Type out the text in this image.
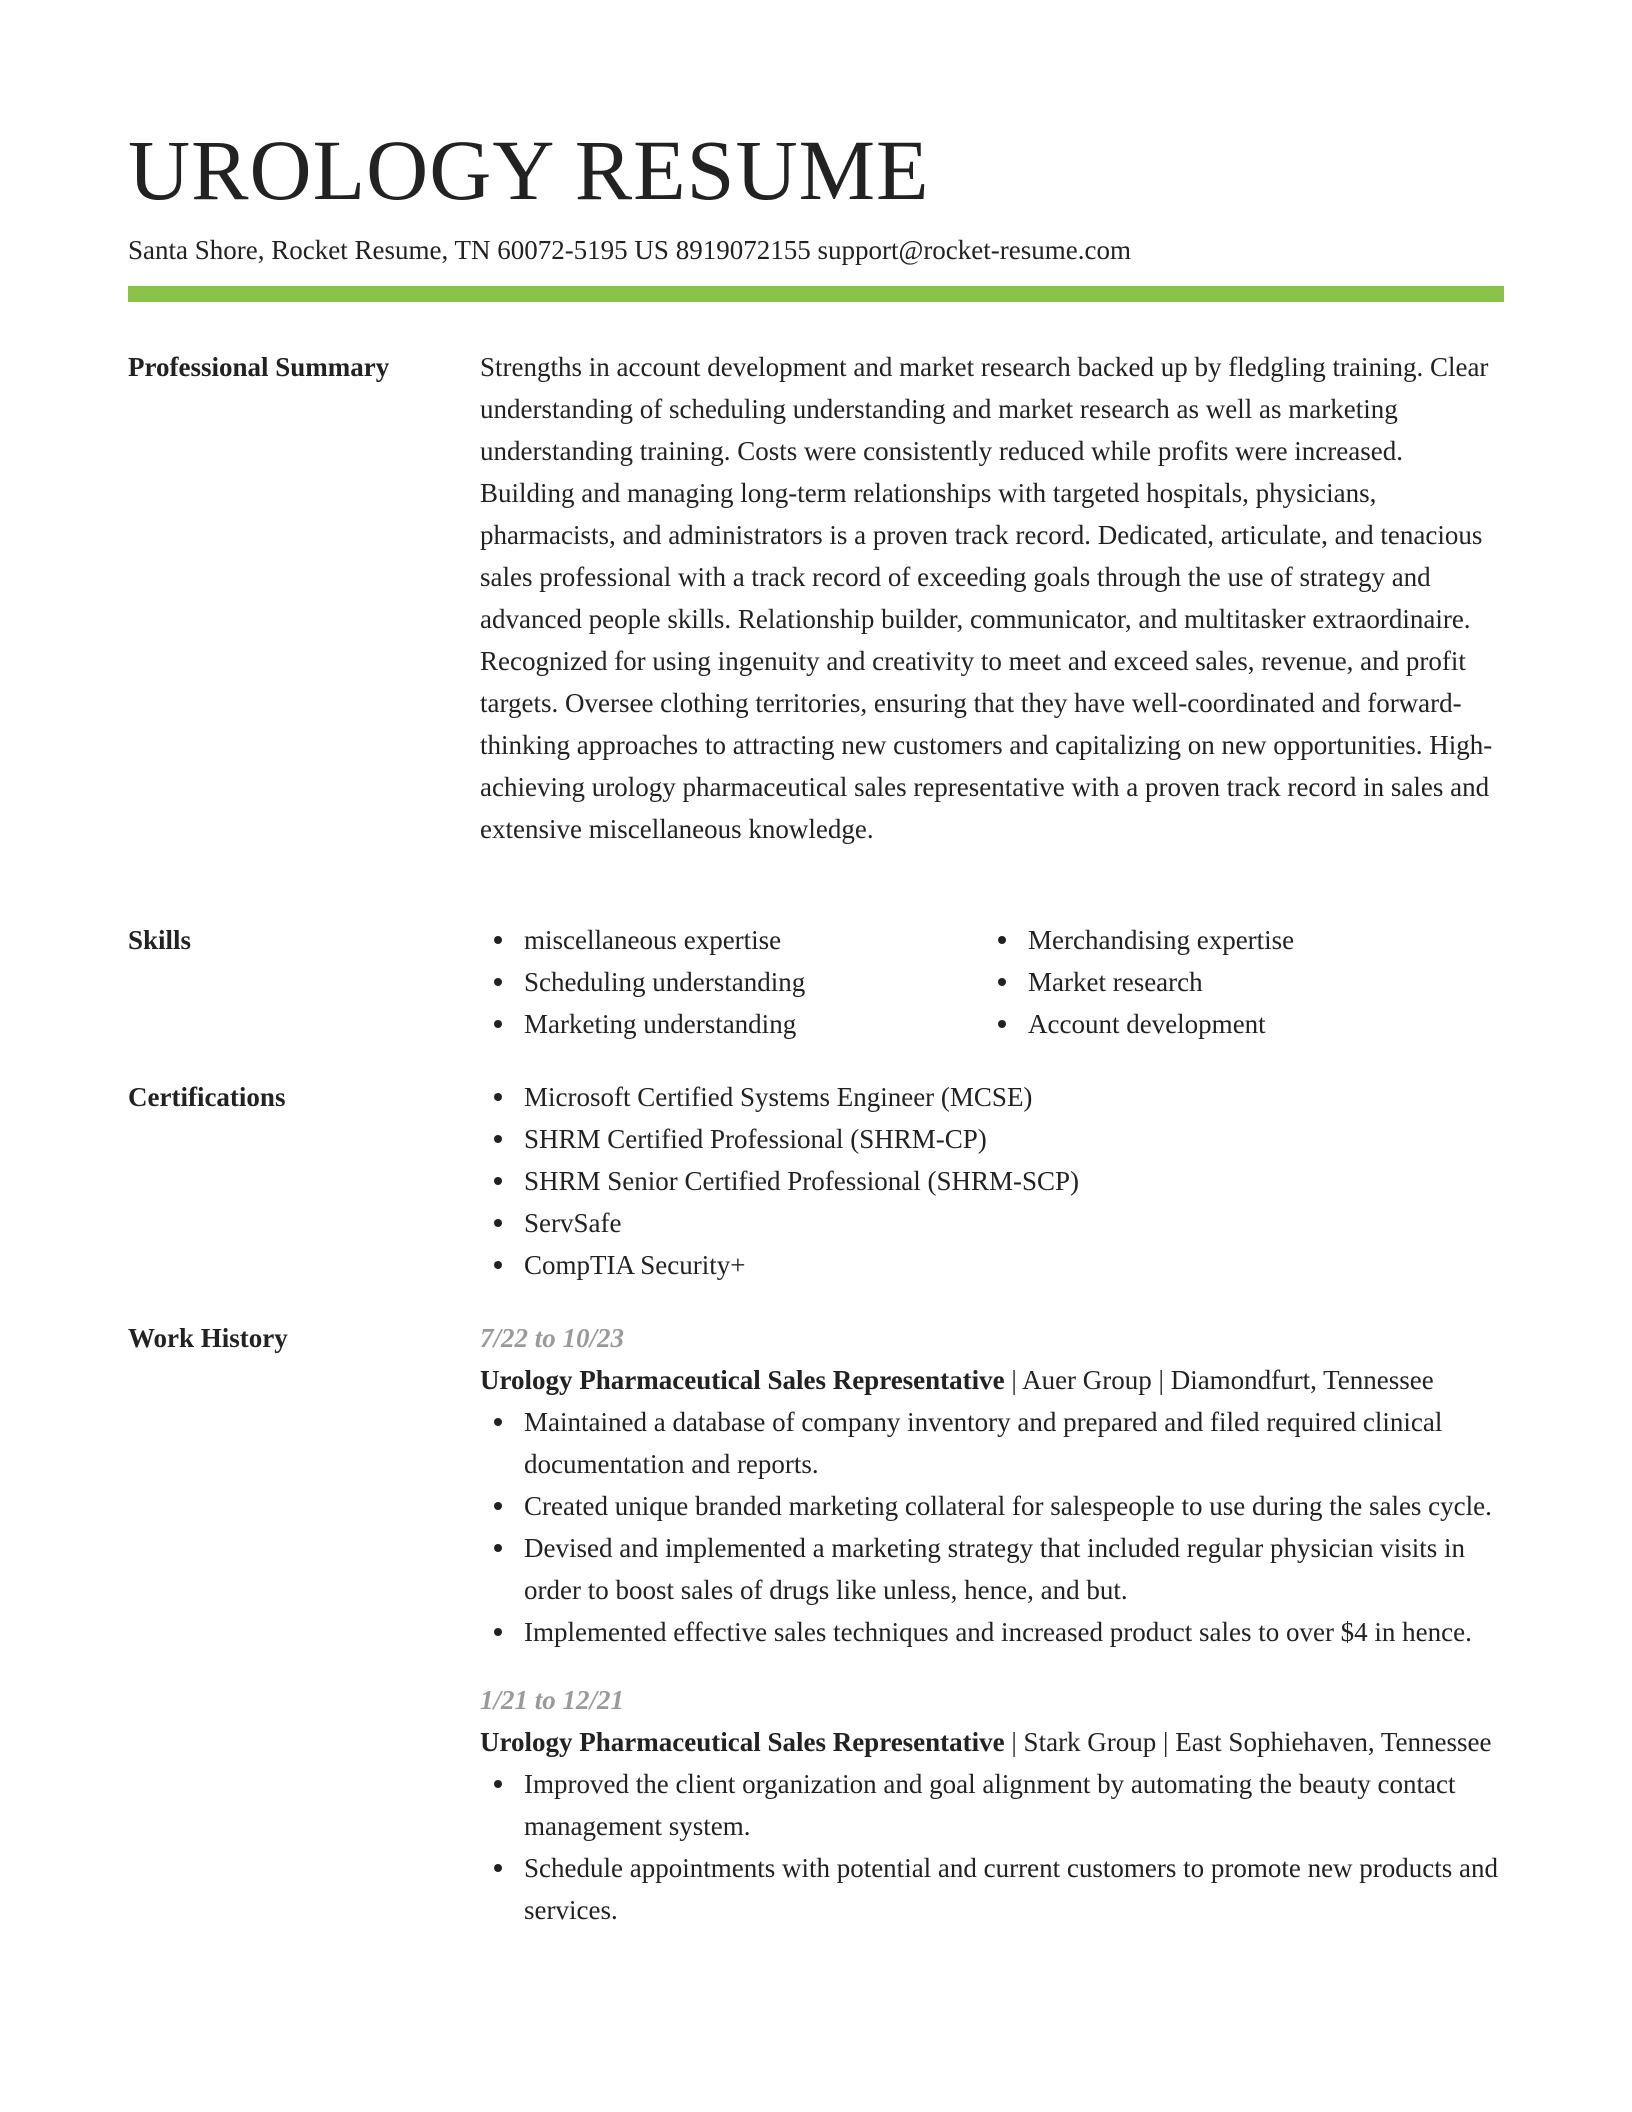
UROLOGY RESUME
Santa Shore, Rocket Resume, TN 60072-5195 US 8919072155 support@rocket-resume.com
Professional Summary	Strengths in account development and market research backed up by fledgling training. Clear understanding of scheduling understanding and market research as well as marketing understanding training. Costs were consistently reduced while profits were increased. Building and managing long-term relationships with targeted hospitals, physicians, pharmacists, and administrators is a proven track record. Dedicated, articulate, and tenacious sales professional with a track record of exceeding goals through the use of strategy and advanced people skills. Relationship builder, communicator, and multitasker extraordinaire. Recognized for using ingenuity and creativity to meet and exceed sales, revenue, and profit targets. Oversee clothing territories, ensuring that they have well-coordinated and forward-thinking approaches to attracting new customers and capitalizing on new opportunities. High-achieving urology pharmaceutical sales representative with a proven track record in sales and extensive miscellaneous knowledge.

Skills	miscellaneous expertise
Scheduling understanding
Marketing understanding
Merchandising expertise
Market research
Account development
Certifications	Microsoft Certified Systems Engineer (MCSE)
SHRM Certified Professional (SHRM-CP)
SHRM Senior Certified Professional (SHRM-SCP)
ServSafe
CompTIA Security+
Work History	7/22 to 10/23

Urology Pharmaceutical Sales Representative | Auer Group | Diamondfurt, Tennessee

Maintained a database of company inventory and prepared and filed required clinical documentation and reports.
Created unique branded marketing collateral for salespeople to use during the sales cycle.
Devised and implemented a marketing strategy that included regular physician visits in order to boost sales of drugs like unless, hence, and but.
Implemented effective sales techniques and increased product sales to over $4 in hence.
1/21 to 12/21

Urology Pharmaceutical Sales Representative | Stark Group | East Sophiehaven, Tennessee

Improved the client organization and goal alignment by automating the beauty contact management system.
Schedule appointments with potential and current customers to promote new products and services.
